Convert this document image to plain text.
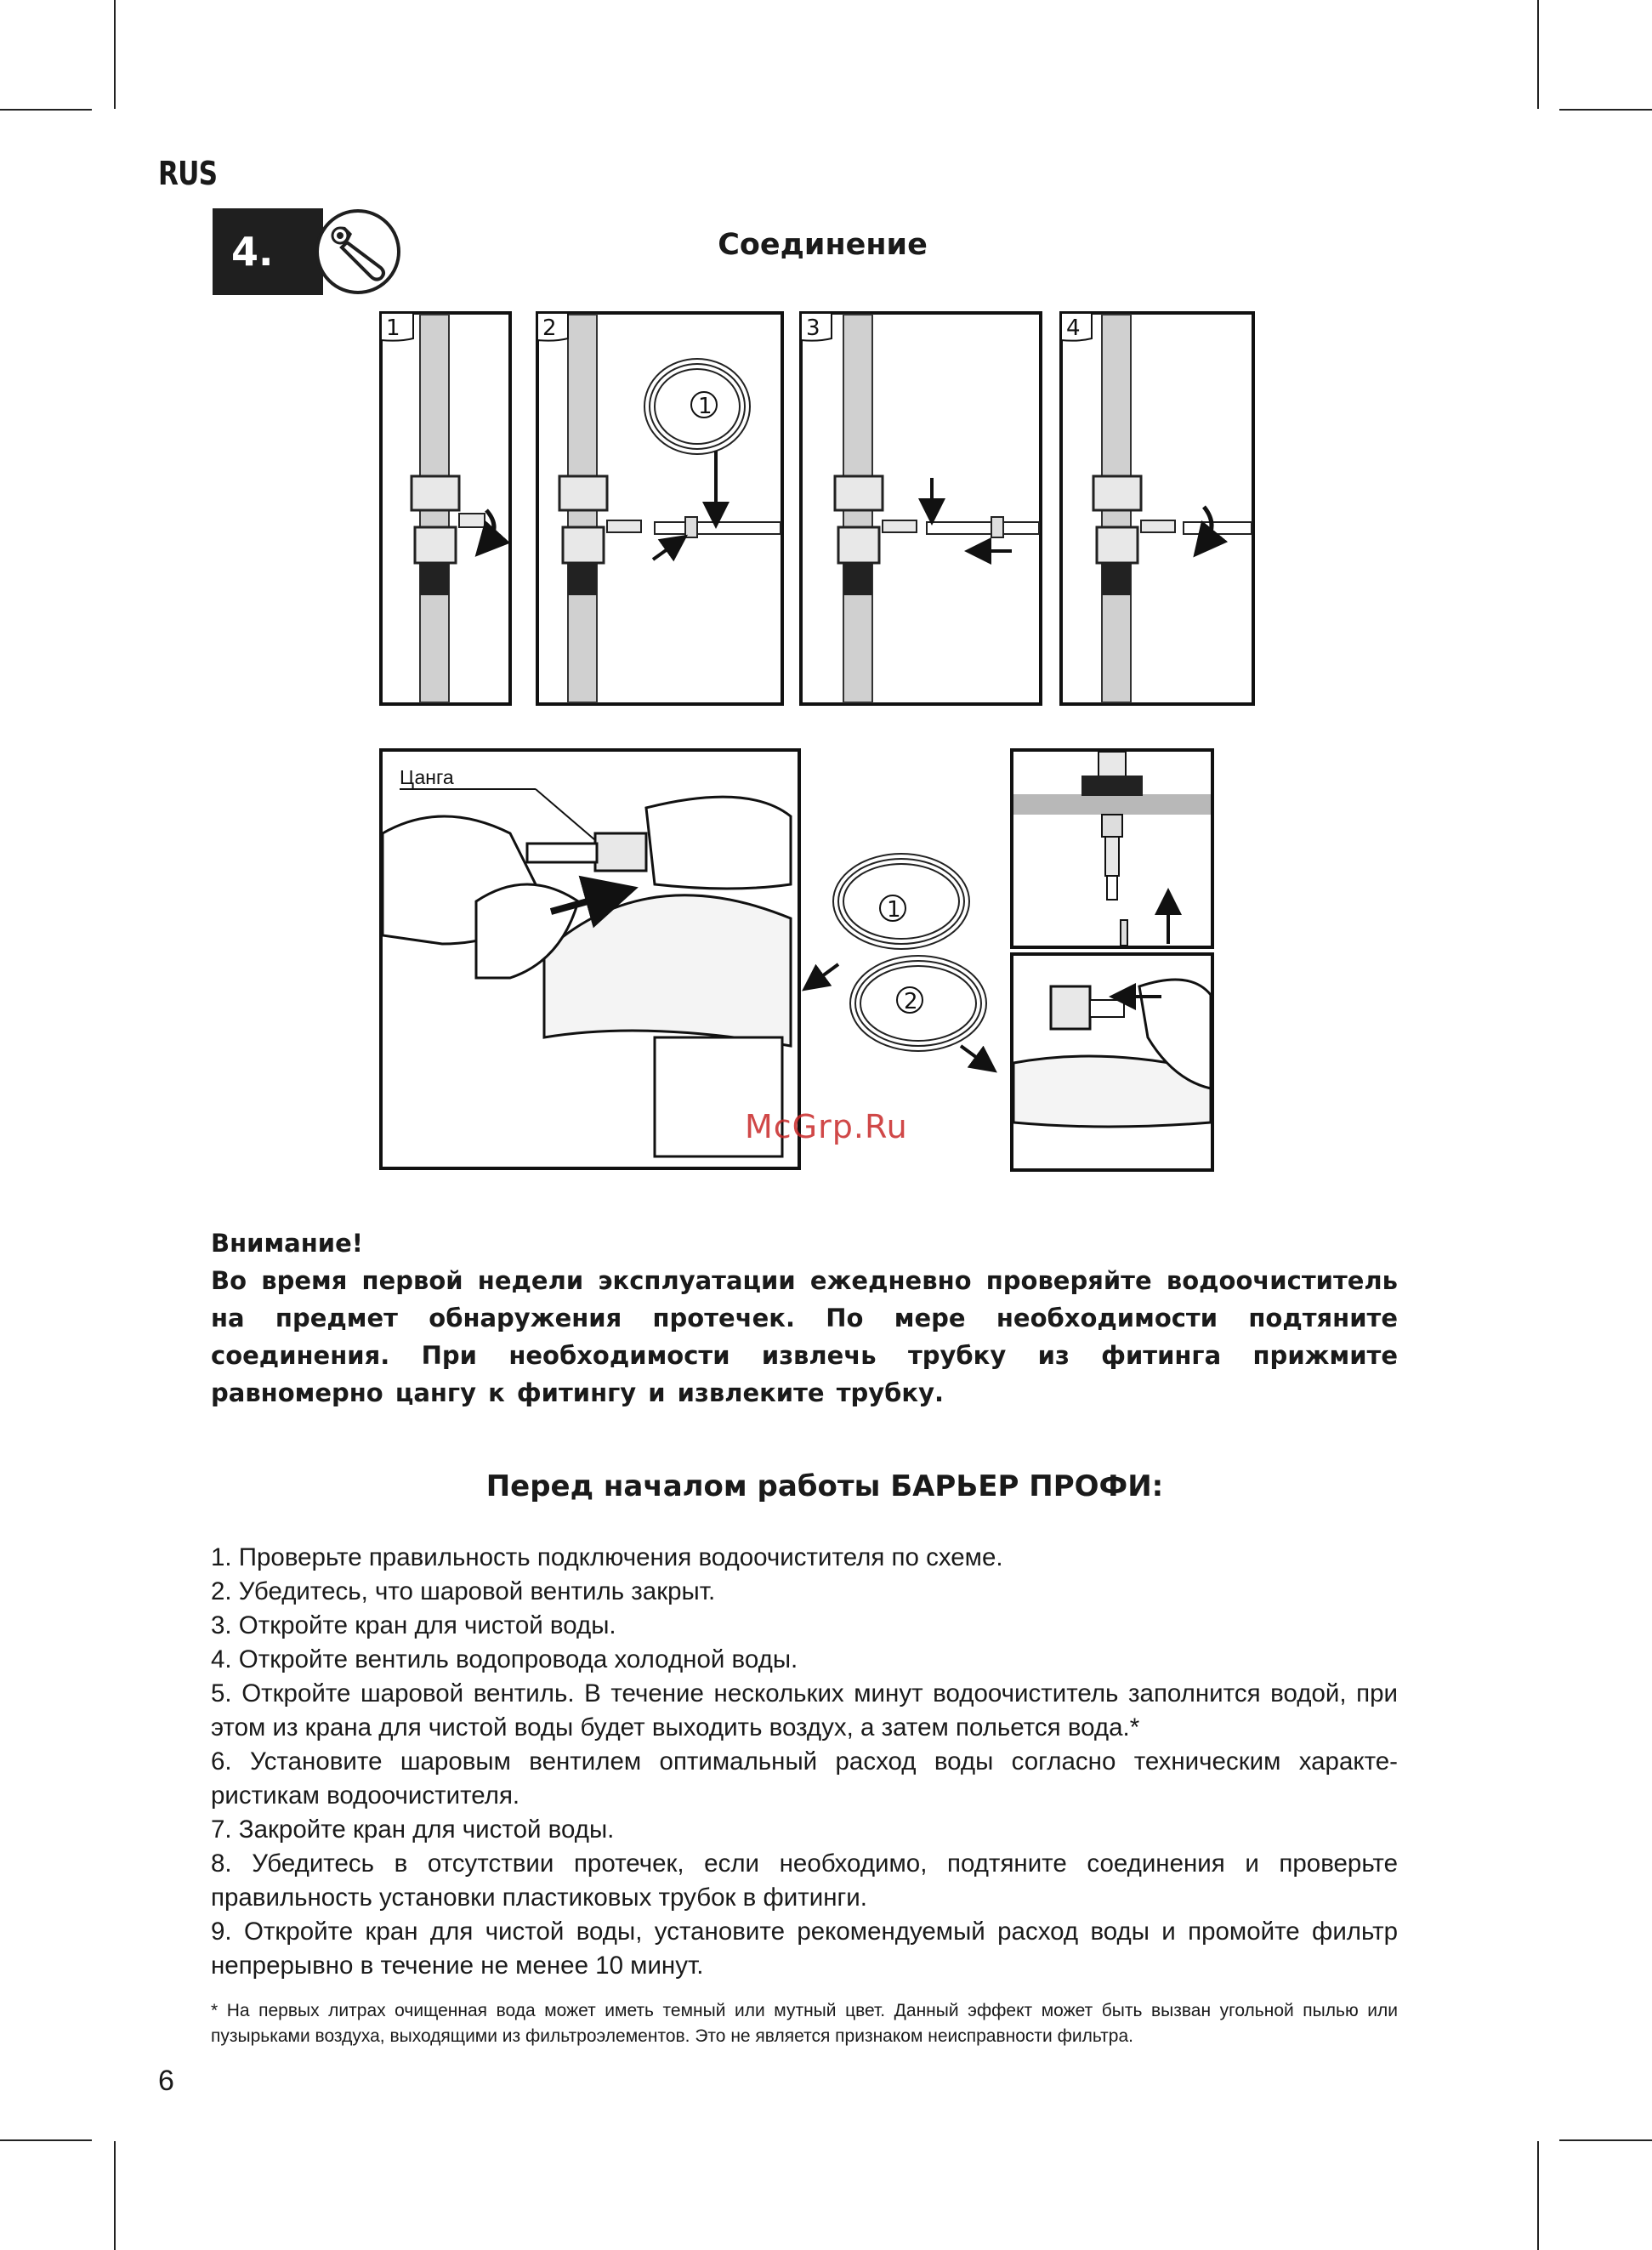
RUS
4.	Соединение
1
1
2	3	4
Цанга
1
2
McGrp.Ru
Внимание!
Во время первой недели эксплуатации ежедневно проверяйте водоочиститель на предмет обнаружения протечек. По мере необходимости подтяните соединения. При необходимости извлечь трубку из фитинга прижмите равномерно цангу к фитингу и извлеките трубку.
Перед началом работы БАРЬЕР ПРОФИ:
1. Проверьте правильность подключения водоочистителя по схеме.
2. Убедитесь, что шаровой вентиль закрыт.
3. Откройте кран для чистой воды.
4. Откройте вентиль водопровода холодной воды.
5. Откройте шаровой вентиль. В течение нескольких минут водоочиститель заполнится водой, при этом из крана для чистой воды будет выходить воздух, а затем польется вода.*
6. Установите шаровым вентилем оптимальный расход воды согласно техническим характе-ристикам водоочистителя.
7. Закройте кран для чистой воды.
8. Убедитесь в отсутствии протечек, если необходимо, подтяните соединения и проверьте правильность установки пластиковых трубок в фитинги.
9. Откройте кран для чистой воды, установите рекомендуемый расход воды и промойте фильтр непрерывно в течение не менее 10 минут.
* На первых литрах очищенная вода может иметь темный или мутный цвет. Данный эффект может быть вызван угольной пылью или пузырьками воздуха, выходящими из фильтроэлементов. Это не является признаком неисправности фильтра.
6
